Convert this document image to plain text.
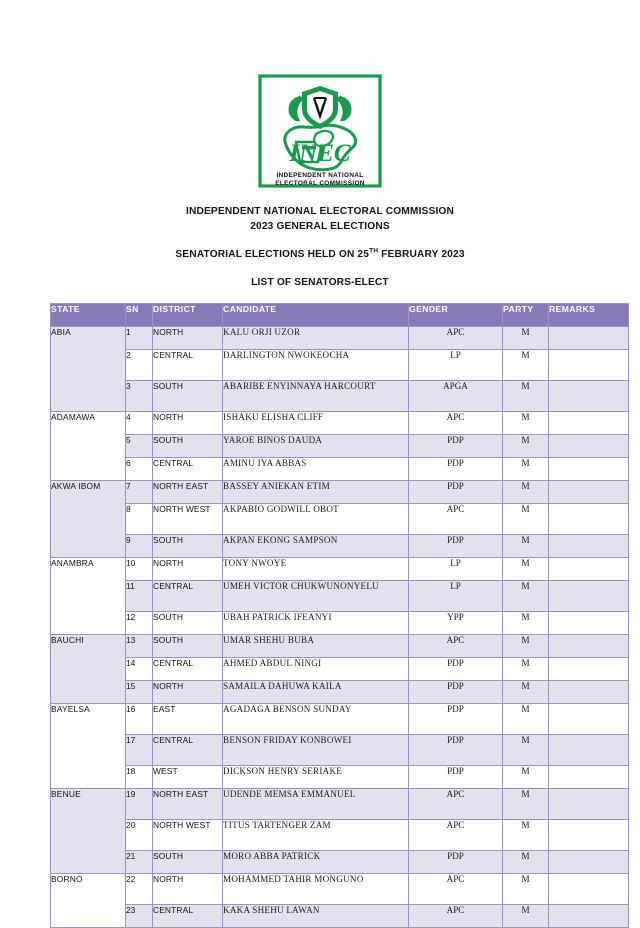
INEC
INDEPENDENT NATIONAL
ELECTORAL COMMISSION
INDEPENDENT NATIONAL ELECTORAL COMMISSION
2023 GENERAL ELECTIONS
SENATORIAL ELECTIONS HELD ON 25TH FEBRUARY 2023
LIST OF SENATORS-ELECT
STATE	SN	DISTRICT	CANDIDATE	GENDER	PARTY	REMARKS
ABIA	1	NORTH	KALU ORJI UZOR	APC	M	
	2	CENTRAL	DARLINGTON NWOKEOCHA	LP	M	
	3	SOUTH	ABARIBE ENYINNAYA HARCOURT	APGA	M	
ADAMAWA	4	NORTH	ISHAKU ELISHA CLIFF	APC	M	
	5	SOUTH	YAROE BINOS DAUDA	PDP	M	
	6	CENTRAL	AMINU IYA ABBAS	PDP	M	
AKWA IBOM	7	NORTH EAST	BASSEY ANIEKAN ETIM	PDP	M	
	8	NORTH WEST	AKPABIO GODWILL OBOT	APC	M	
	9	SOUTH	AKPAN EKONG SAMPSON	PDP	M	
ANAMBRA	10	NORTH	TONY NWOYE	LP	M	
	11	CENTRAL	UMEH VICTOR CHUKWUNONYELU	LP	M	
	12	SOUTH	UBAH PATRICK IFEANYI	YPP	M	
BAUCHI	13	SOUTH	UMAR SHEHU BUBA	APC	M	
	14	CENTRAL	AHMED ABDUL NINGI	PDP	M	
	15	NORTH	SAMAILA DAHUWA KAILA	PDP	M	
BAYELSA	16	EAST	AGADAGA BENSON SUNDAY	PDP	M	
	17	CENTRAL	BENSON FRIDAY KONBOWEI	PDP	M	
	18	WEST	DICKSON HENRY SERIAKE	PDP	M	
BENUE	19	NORTH EAST	UDENDE MEMSA EMMANUEL	APC	M	
	20	NORTH WEST	TITUS TARTENGER ZAM	APC	M	
	21	SOUTH	MORO ABBA PATRICK	PDP	M	
BORNO	22	NORTH	MOHAMMED TAHIR MONGUNO	APC	M	
	23	CENTRAL	KAKA SHEHU LAWAN	APC	M	
